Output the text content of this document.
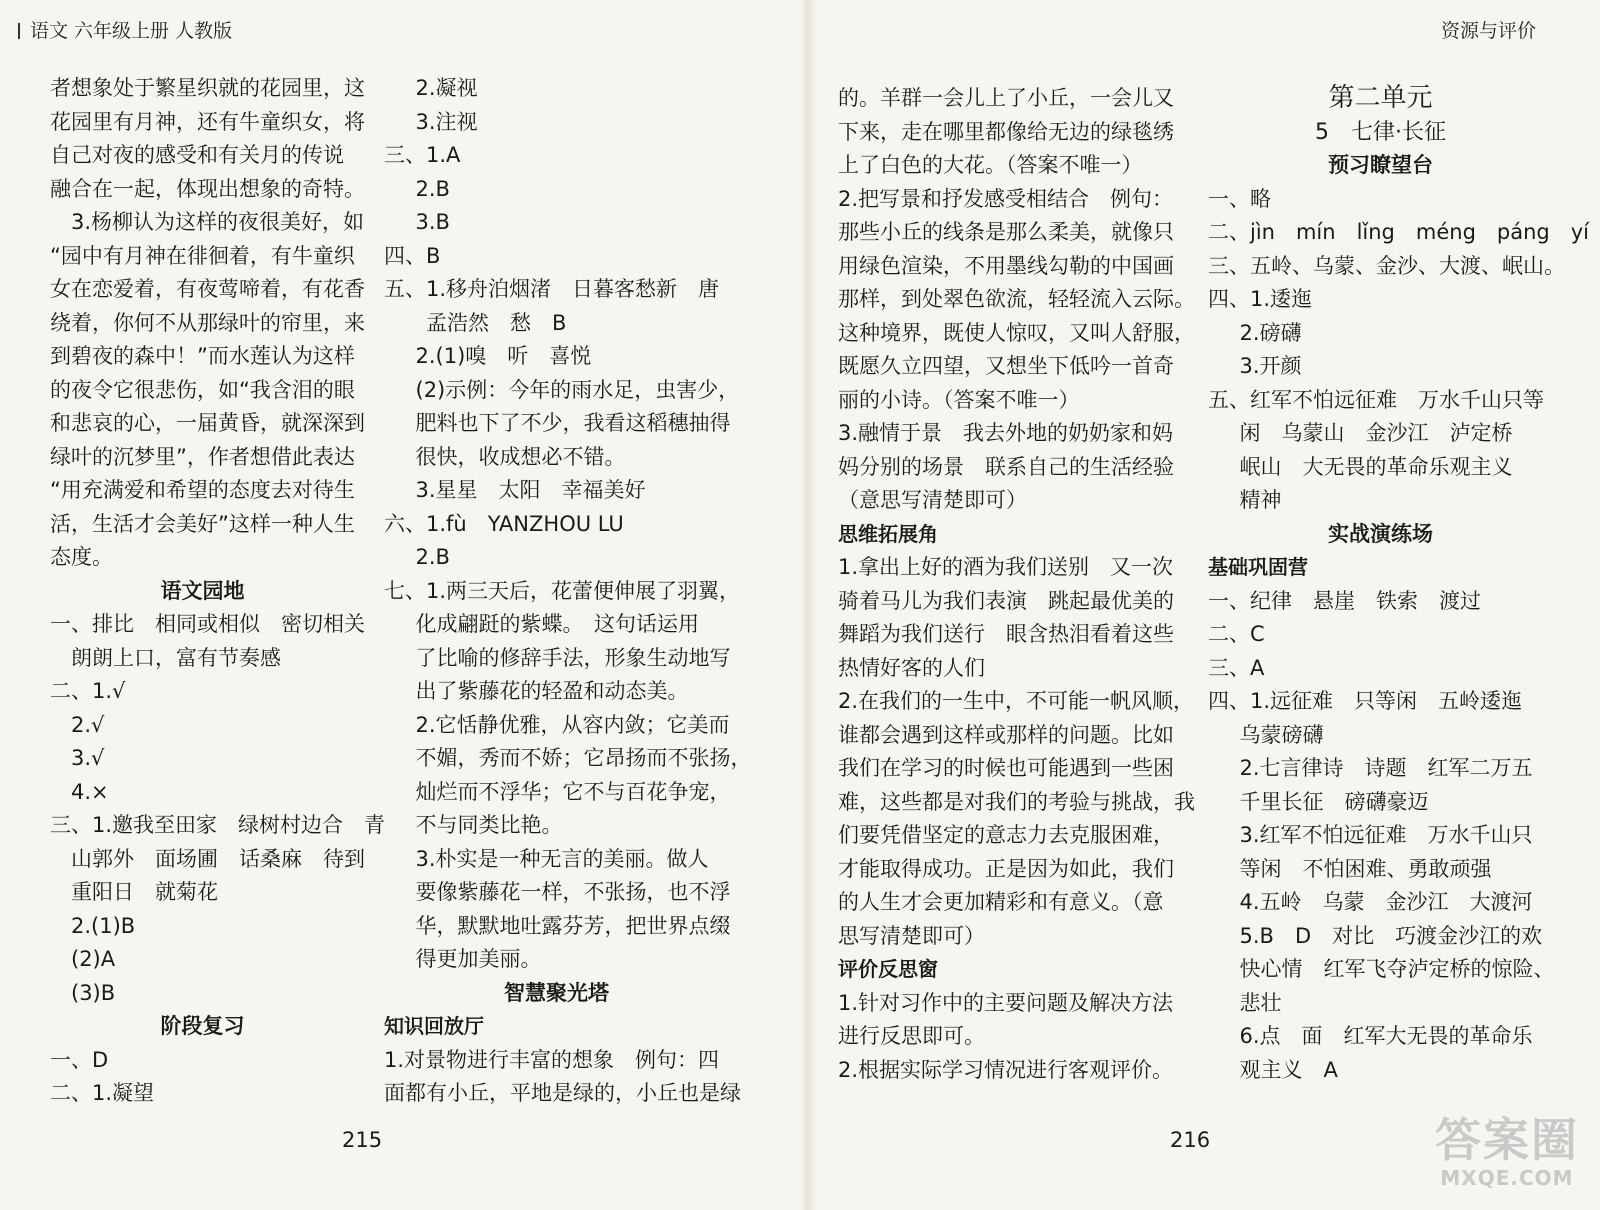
语文 六年级上册 人教版	资源与评价
者想象处于繁星织就的花园里，这
花园里有月神，还有牛童织女，将
自己对夜的感受和有关月的传说
融合在一起，体现出想象的奇特。
3.杨柳认为这样的夜很美好，如
“园中有月神在徘徊着，有牛童织
女在恋爱着，有夜莺啼着，有花香
绕着，你何不从那绿叶的帘里，来
到碧夜的森中！”而水莲认为这样
的夜令它很悲伤，如“我含泪的眼
和悲哀的心，一届黄昏，就深深到
绿叶的沉梦里”，作者想借此表达
“用充满爱和希望的态度去对待生
活，生活才会美好”这样一种人生
态度。
语文园地
一、排比　相同或相似　密切相关
朗朗上口，富有节奏感
二、1.√
2.√
3.√
4.×
三、1.邀我至田家　绿树村边合　青
山郭外　面场圃　话桑麻　待到
重阳日　就菊花
2.(1)B
(2)A
(3)B
阶段复习
一、D
二、1.凝望
2.凝视
3.注视
三、1.A
2.B
3.B
四、B
五、1.移舟泊烟渚　日暮客愁新　唐
孟浩然　愁　B
2.(1)嗅　听　喜悦
(2)示例：今年的雨水足，虫害少，
肥料也下了不少，我看这稻穗抽得
很快，收成想必不错。
3.星星　太阳　幸福美好
六、1.fù　YANZHOU LU
2.B
七、1.两三天后，花蕾便伸展了羽翼，
化成翩跹的紫蝶。　这句话运用
了比喻的修辞手法，形象生动地写
出了紫藤花的轻盈和动态美。
2.它恬静优雅，从容内敛；它美而
不媚，秀而不娇；它昂扬而不张扬，
灿烂而不浮华；它不与百花争宠，
不与同类比艳。
3.朴实是一种无言的美丽。做人
要像紫藤花一样，不张扬，也不浮
华，默默地吐露芬芳，把世界点缀
得更加美丽。
智慧聚光塔
知识回放厅
1.对景物进行丰富的想象　例句：四
面都有小丘，平地是绿的，小丘也是绿
的。羊群一会儿上了小丘，一会儿又
下来，走在哪里都像给无边的绿毯绣
上了白色的大花。（答案不唯一）
2.把写景和抒发感受相结合　例句：
那些小丘的线条是那么柔美，就像只
用绿色渲染，不用墨线勾勒的中国画
那样，到处翠色欲流，轻轻流入云际。
这种境界，既使人惊叹，又叫人舒服，
既愿久立四望，又想坐下低吟一首奇
丽的小诗。（答案不唯一）
3.融情于景　我去外地的奶奶家和妈
妈分别的场景　联系自己的生活经验
（意思写清楚即可）
思维拓展角
1.拿出上好的酒为我们送别　又一次
骑着马儿为我们表演　跳起最优美的
舞蹈为我们送行　眼含热泪看着这些
热情好客的人们
2.在我们的一生中，不可能一帆风顺，
谁都会遇到这样或那样的问题。比如
我们在学习的时候也可能遇到一些困
难，这些都是对我们的考验与挑战，我
们要凭借坚定的意志力去克服困难，
才能取得成功。正是因为如此，我们
的人生才会更加精彩和有意义。（意
思写清楚即可）
评价反思窗
1.针对习作中的主要问题及解决方法
进行反思即可。
2.根据实际学习情况进行客观评价。
第二单元
5　七律·长征
预习瞭望台
一、略
二、jìn　mín　lǐng　méng　páng　yí
三、五岭、乌蒙、金沙、大渡、岷山。
四、1.逶迤
2.磅礴
3.开颜
五、红军不怕远征难　万水千山只等
闲　乌蒙山　金沙江　泸定桥
岷山　大无畏的革命乐观主义
精神
实战演练场
基础巩固营
一、纪律　悬崖　铁索　渡过
二、C
三、A
四、1.远征难　只等闲　五岭逶迤
乌蒙磅礴
2.七言律诗　诗题　红军二万五
千里长征　磅礴豪迈
3.红军不怕远征难　万水千山只
等闲　不怕困难、勇敢顽强
4.五岭　乌蒙　金沙江　大渡河
5.B　D　对比　巧渡金沙江的欢
快心情　红军飞夺泸定桥的惊险、
悲壮
6.点　面　红军大无畏的革命乐
观主义　A
215	216	答案圈
MXQE.COM
